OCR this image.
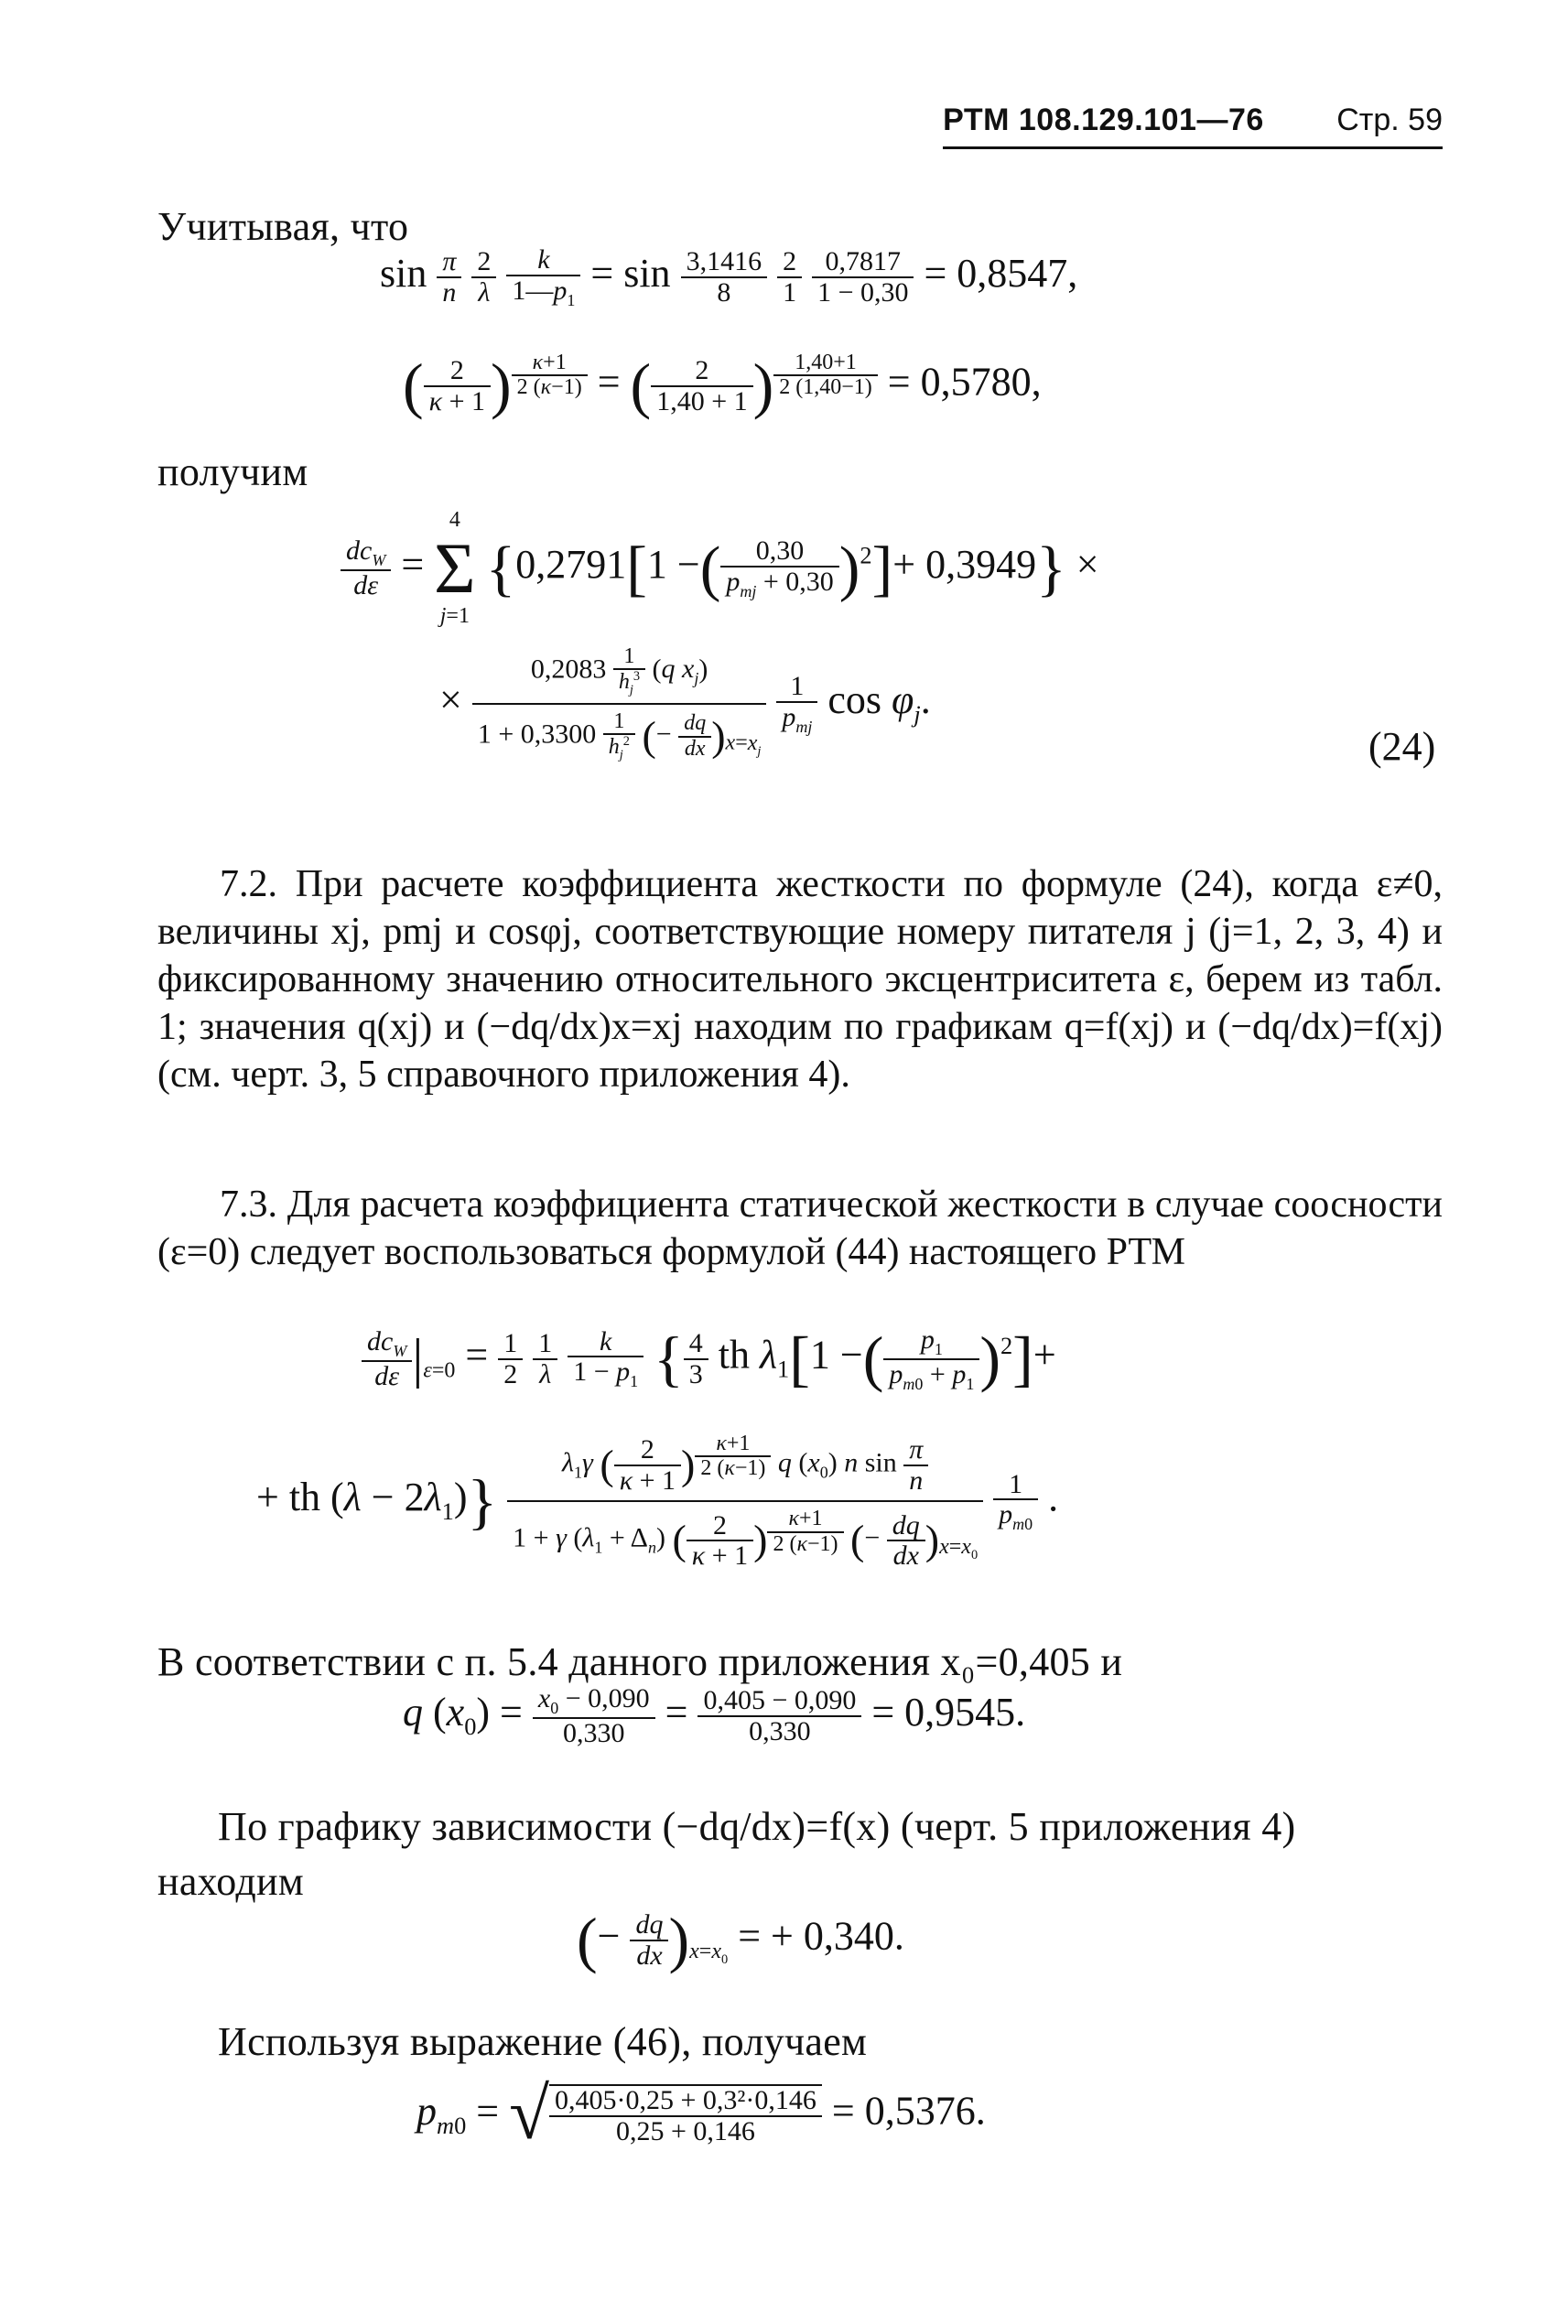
РТМ 108.129.101—76 Стр. 59
Учитывая, что
$\sin \frac{\pi}{n}$
$\frac{2}{\lambda}$
$\frac{k}{1—p_1} = \sin \frac{3,1416}{8}$
$\frac{2}{1}$
$\frac{0,7817}{1 - 0,30} = 0,8547$,
( $\frac{2}{\kappa + 1}$ ) $^{\frac{\kappa+1}{2 (\kappa-1)}}$ = ( $\frac{2}{1,40 + 1}$ ) $^{\frac{1,40+1}{2 (1,40-1)}}$ = 0,5780,
получим
$\frac{dc_W}{d\varepsilon}$ =
4
Σ
j=1
{0,2791[1 −( $\frac{0,30}{p_{mj} + 0,30} )^2]+ 0,3949$} ×
× $\frac{0,2083 \frac{1}{h_j^3} (q x_j)}{1 + 0,3300 \frac{1}{h_j^2} (- \frac{dq}{dx} )_{x=x_j}}$
$\frac{1}{p_{mj}}$ $\cos \varphi_j$.
(24)

7.2. При расчете коэффициента жесткости по формуле (24), когда ε≠0, величины xj, pmj и cosφj, соответствующие номеру питателя j (j=1, 2, 3, 4) и фиксированному значению относительного эксцентриситета ε, берем из табл. 1; значения q(xj) и (−dq/dx)x=xj находим по графикам q=f(xj) и (−dq/dx)=f(xj) (см. черт. 3, 5 справочного приложения 4).

7.3. Для расчета коэффициента статической жесткости в случае соосности (ε=0) следует воспользоваться формулой (44) настоящего РТМ

$\frac{dc_W}{d\varepsilon} |_{\varepsilon=0} = \frac{1}{2}$
$\frac{1}{\lambda}$
$\frac{k}{1 - p_1}$ { $\frac{4}{3}$ th $\lambda_1[1$ −( $\frac{p_1}{p_{m0} + p_1} )^2]+$
+ th $(\lambda - 2\lambda_1)$} $\lambda_1\gamma$ ( $\frac{2}{\kappa + 1}$ ) $^{\frac{\kappa+1}{2 (\kappa-1)}}$ q $(x_0)$ n $\sin \frac{\pi}{n}$
1 + γ $(\lambda_1 + \Delta_n)$ ( $\frac{2}{\kappa + 1}$ ) $^{\frac{\kappa+1}{2 (\kappa-1)}}$ (− $\frac{dq}{dx} )_{x=x_0}$
$\frac{1}{p_{m0}}$ .
В соответствии с п. 5.4 данного приложения x₀=0,405 и
q $(x_0) = \frac{x_0 - 0,090}{0,330} = \frac{0,405 - 0,090}{0,330} = 0,9545$.
По графику зависимости (−dq/dx)=f(x) (черт. 5 приложения 4)
находим
(− $\frac{dq}{dx} )_{x=x_0}$ = + 0,340.
Используя выражение (46), получаем
$p_{m0}$ = √ $\frac{\text{0,405·0,25 + 0,3²·0,146}}{0,25 + 0,146} = 0,5376$.
